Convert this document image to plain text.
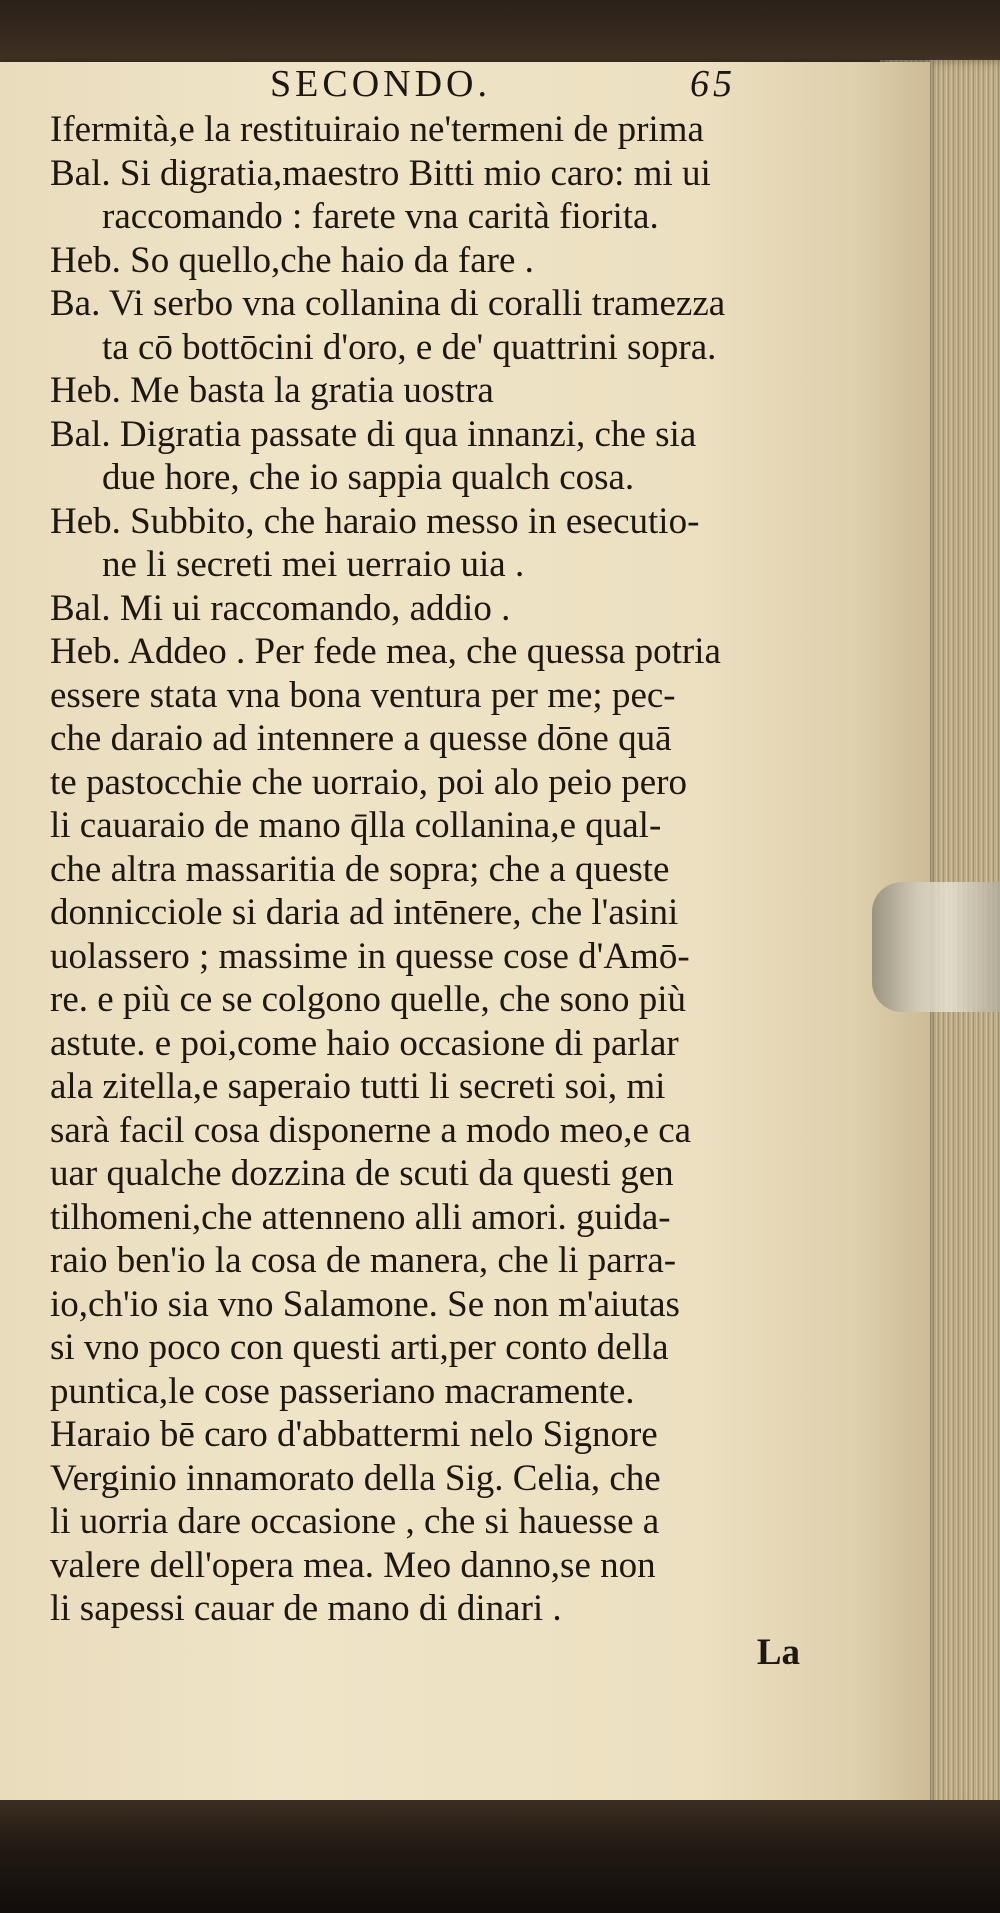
SECONDO.	65
Ifermità,e la restituiraio ne'termeni de prima
Bal. Si digratia,maestro Bitti mio caro: mi ui
raccomando : farete vna carità fiorita.
Heb. So quello,che haio da fare .
Ba. Vi serbo vna collanina di coralli tramezza
ta cō bottōcini d'oro, e de' quattrini sopra.
Heb. Me basta la gratia uostra
Bal. Digratia passate di qua innanzi, che sia
due hore, che io sappia qualch cosa.
Heb. Subbito, che haraio messo in esecutio-
ne li secreti mei uerraio uia .
Bal. Mi ui raccomando, addio .
Heb. Addeo . Per fede mea, che quessa potria
essere stata vna bona ventura per me; pec-
che daraio ad intennere a quesse dōne quā
te pastocchie che uorraio, poi alo peio pero
li cauaraio de mano q̄lla collanina,e qual-
che altra massaritia de sopra; che a queste
donnicciole si daria ad intēnere, che l'asini
uolassero ; massime in quesse cose d'Amō-
re. e più ce se colgono quelle, che sono più
astute. e poi,come haio occasione di parlar
ala zitella,e saperaio tutti li secreti soi, mi
sarà facil cosa disponerne a modo meo,e ca
uar qualche dozzina de scuti da questi gen
tilhomeni,che attenneno alli amori. guida-
raio ben'io la cosa de manera, che li parra-
io,ch'io sia vno Salamone. Se non m'aiutas
si vno poco con questi arti,per conto della
puntica,le cose passeriano macramente.
Haraio bē caro d'abbattermi nelo Signore
Verginio innamorato della Sig. Celia, che
li uorria dare occasione , che si hauesse a
valere dell'opera mea. Meo danno,se non
li sapessi cauar de mano di dinari .
La
